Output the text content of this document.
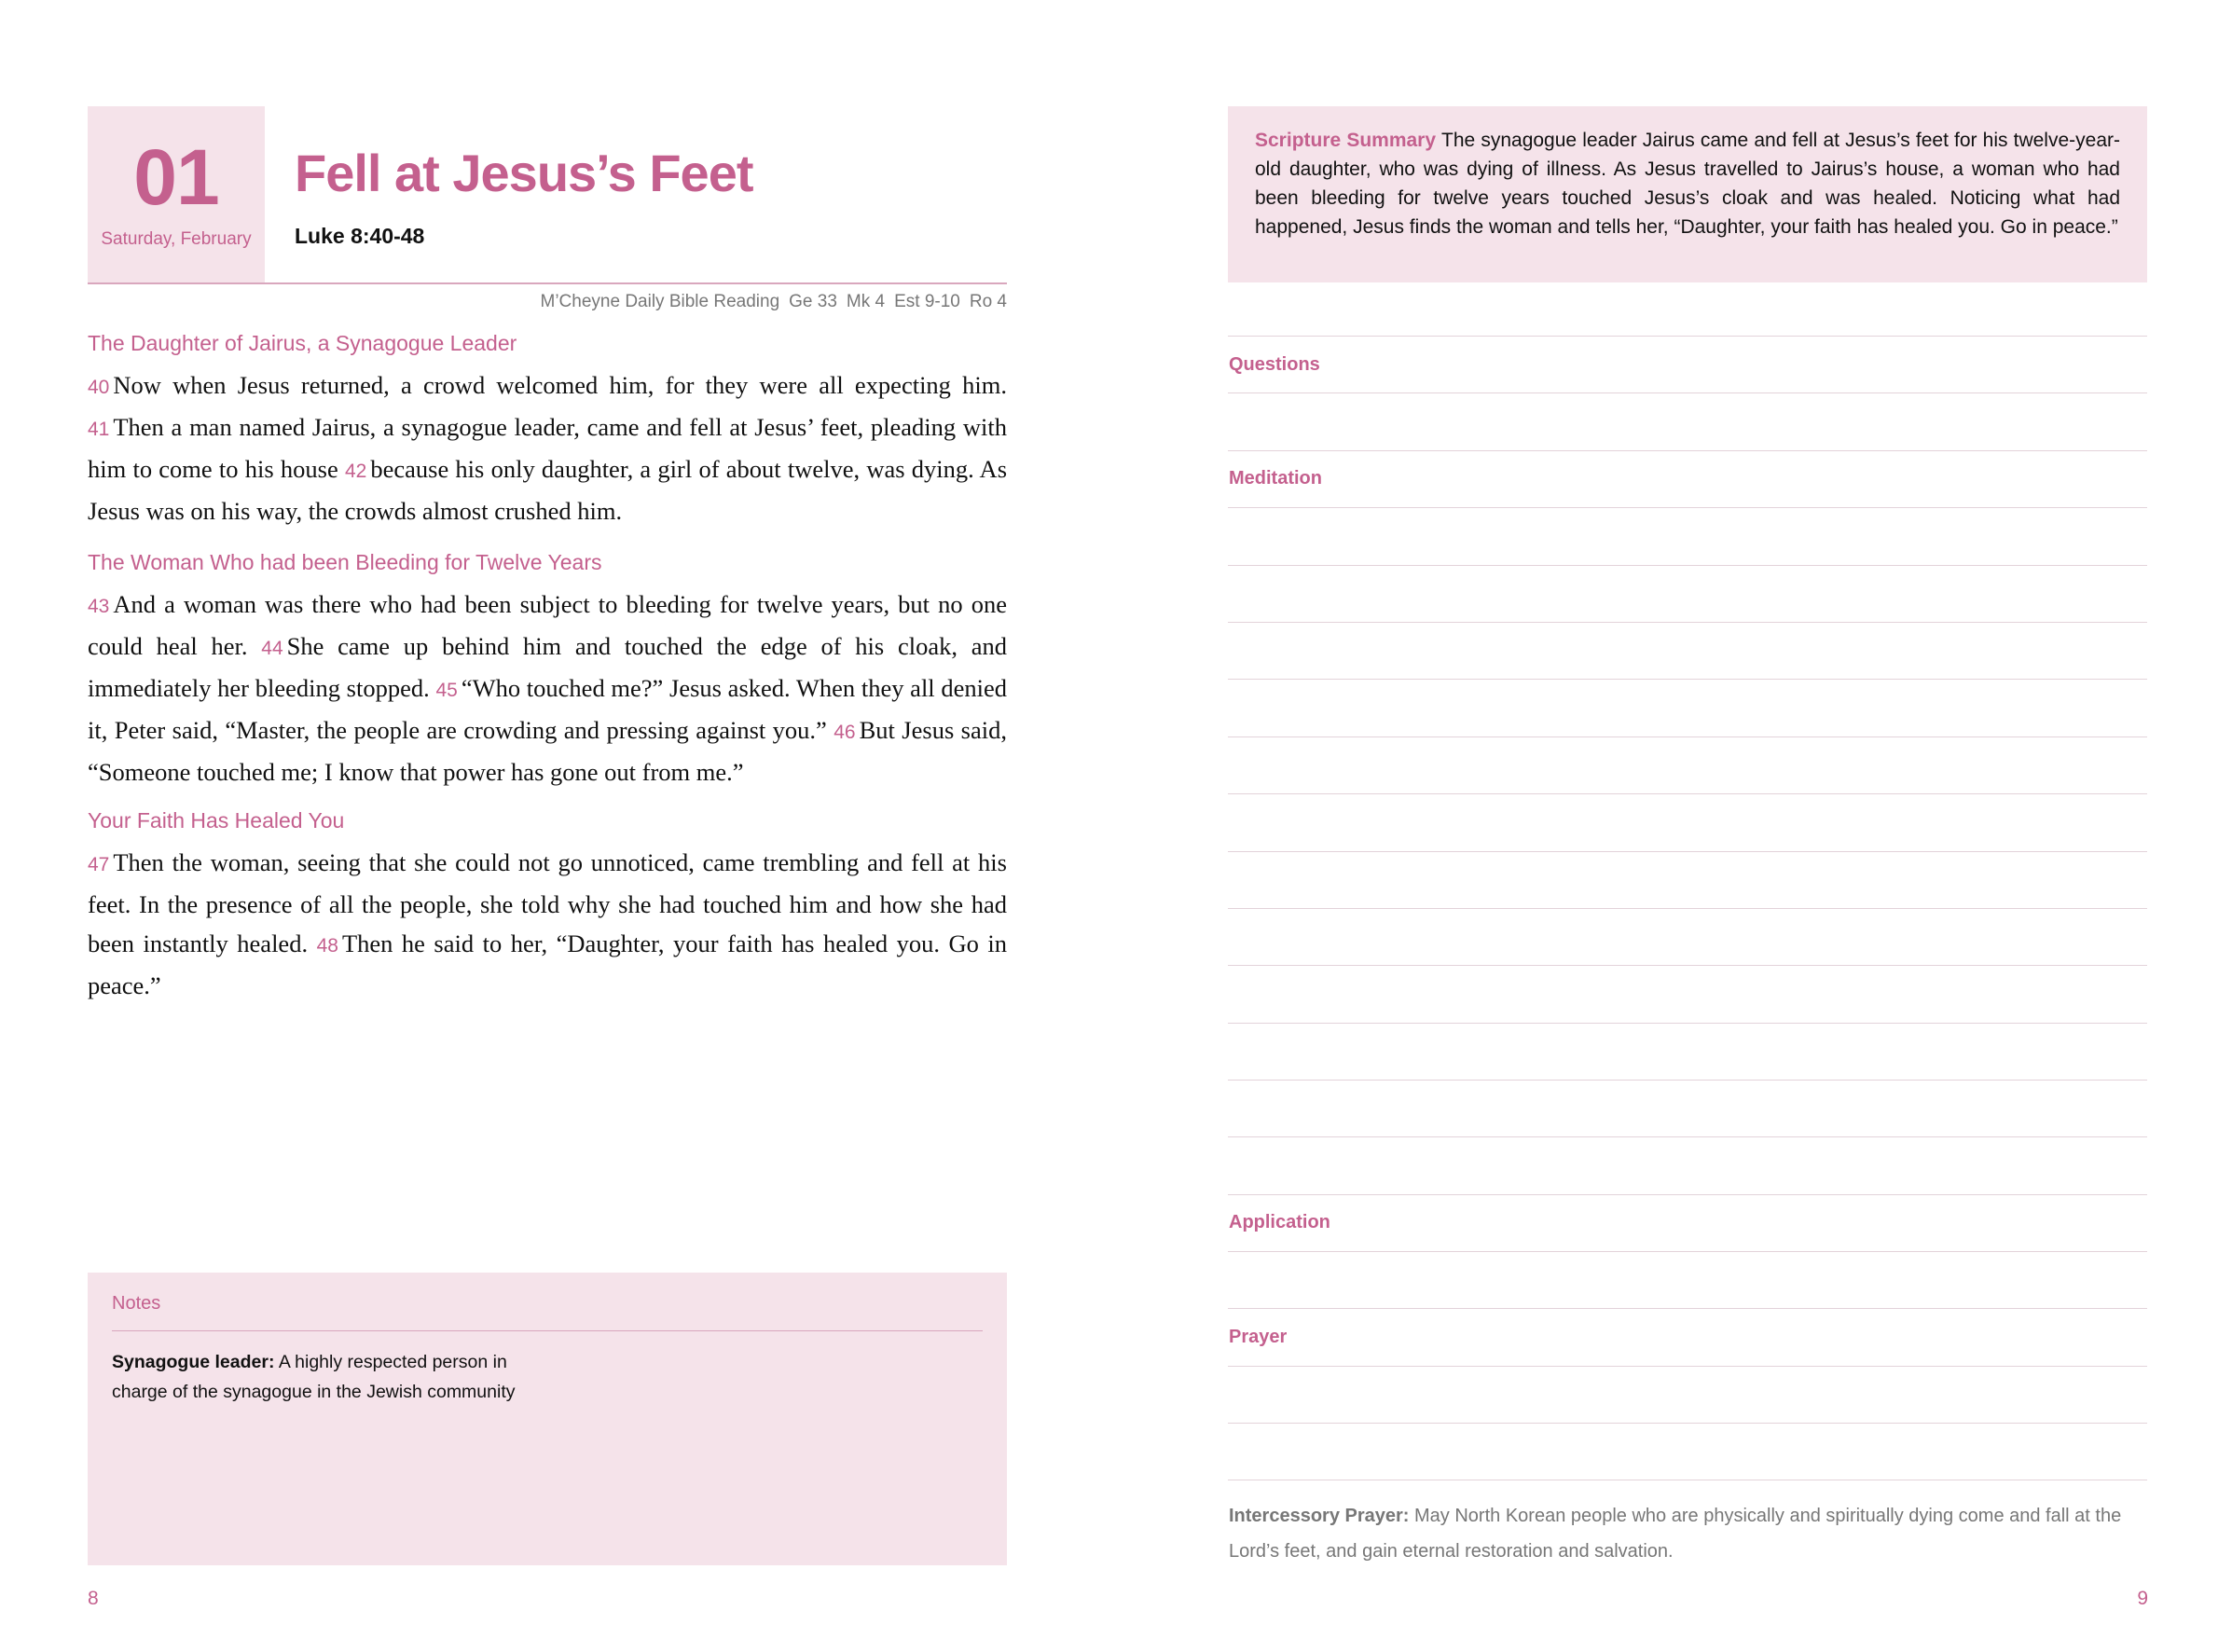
01
Saturday, February
Fell at Jesus’s Feet
Luke 8:40-48
M’Cheyne Daily Bible Reading Ge 33 Mk 4 Est 9-10 Ro 4
The Daughter of Jairus, a Synagogue Leader

40 Now when Jesus returned, a crowd welcomed him, for they were all expecting him. 41 Then a man named Jairus, a synagogue leader, came and fell at Jesus’ feet, pleading with him to come to his house 42 because his only daughter, a girl of about twelve, was dying. As Jesus was on his way, the crowds almost crushed him.

The Woman Who had been Bleeding for Twelve Years

43 And a woman was there who had been subject to bleeding for twelve years, but no one could heal her. 44 She came up behind him and touched the edge of his cloak, and immediately her bleeding stopped. 45 “Who touched me?” Jesus asked. When they all denied it, Peter said, “Master, the people are crowding and pressing against you.” 46 But Jesus said, “Someone touched me; I know that power has gone out from me.”

Your Faith Has Healed You

47 Then the woman, seeing that she could not go unnoticed, came trembling and fell at his feet. In the presence of all the people, she told why she had touched him and how she had been instantly healed. 48 Then he said to her, “Daughter, your faith has healed you. Go in peace.”

Notes
Synagogue leader: A highly respected person in charge of the synagogue in the Jewish community
8

Scripture Summary The synagogue leader Jairus came and fell at Jesus’s feet for his twelve-year-old daughter, who was dying of illness. As Jesus travelled to Jairus’s house, a woman who had been bleeding for twelve years touched Jesus’s cloak and was healed. Noticing what had happened, Jesus finds the woman and tells her, “Daughter, your faith has healed you. Go in peace.”

Questions
Meditation
Application
Prayer
Intercessory Prayer: May North Korean people who are physically and spiritually dying come and fall at the Lord’s feet, and gain eternal restoration and salvation.
9
